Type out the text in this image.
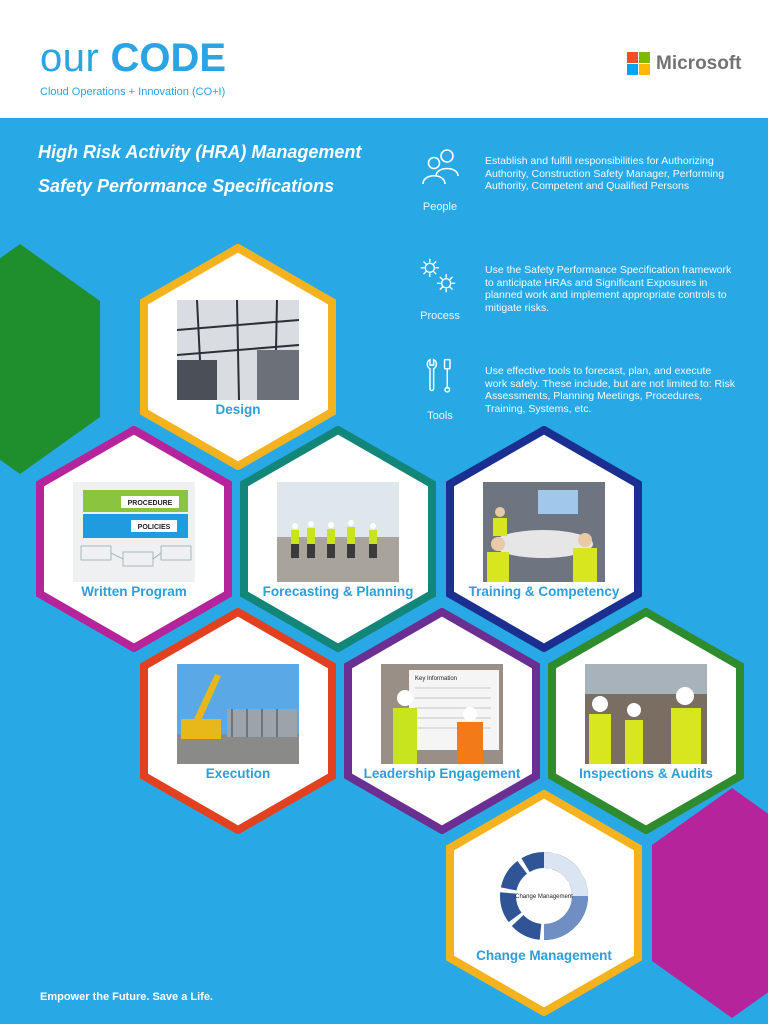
our CODE
Cloud Operations + Innovation (CO+I)
Microsoft
High Risk Activity (HRA) Management
Safety Performance Specifications
People
Establish and fulfill responsibilities for Authorizing Authority, Construction Safety Manager, Performing Authority, Competent and Qualified Persons
Process
Use the Safety Performance Specification framework to anticipate HRAs and Significant Exposures in planned work and implement appropriate controls to mitigate risks.
Tools
Use effective tools to forecast, plan, and execute work safely. These include, but are not limited to: Risk Assessments, Planning Meetings, Procedures, Training, Systems, etc.
Design
PROCEDURE
POLICIES
Written Program	Forecasting & Planning	Training & Competency
Execution
Key Information
Leadership Engagement	Inspections & Audits
Change Management
Change Management
Empower the Future. Save a Life.
